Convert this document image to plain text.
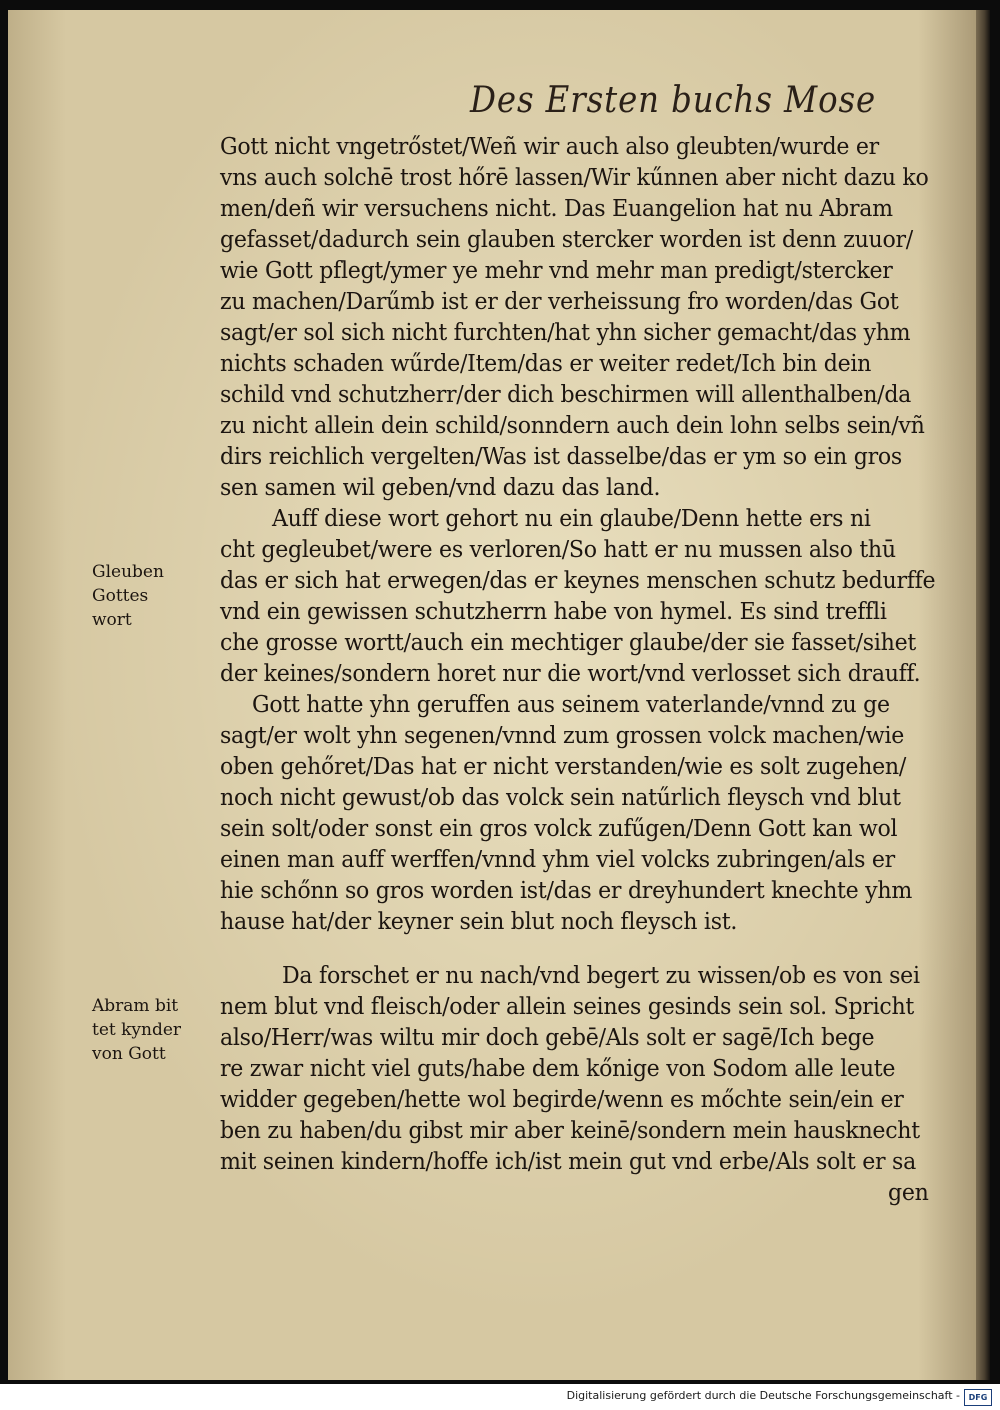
Des Ersten buchs Mose
Gott nicht vngetrőstet/Weñ wir auch also gleubten/wurde er
vns auch solchē trost hőrē lassen/Wir kűnnen aber nicht dazu ko
men/deñ wir versuchens nicht. Das Euangelion hat nu Abram
gefasset/dadurch sein glauben stercker worden ist denn zuuor/
wie Gott pflegt/ymer ye mehr vnd mehr man predigt/stercker
zu machen/Darűmb ist er der verheissung fro worden/das Got
sagt/er sol sich nicht furchten/hat yhn sicher gemacht/das yhm
nichts schaden wűrde/Item/das er weiter redet/Ich bin dein
schild vnd schutzherr/der dich beschirmen will allenthalben/da
zu nicht allein dein schild/sonndern auch dein lohn selbs sein/vñ
dirs reichlich vergelten/Was ist dasselbe/das er ym so ein gros
sen samen wil geben/vnd dazu das land.
Auff diese wort gehort nu ein glaube/Denn hette ers ni
cht gegleubet/were es verloren/So hatt er nu mussen also thū
das er sich hat erwegen/das er keynes menschen schutz bedurffe
vnd ein gewissen schutzherrn habe von hymel. Es sind treffli
che grosse wortt/auch ein mechtiger glaube/der sie fasset/sihet
der keines/sondern horet nur die wort/vnd verlosset sich drauff.
Gott hatte yhn geruffen aus seinem vaterlande/vnnd zu ge
sagt/er wolt yhn segenen/vnnd zum grossen volck machen/wie
oben gehőret/Das hat er nicht verstanden/wie es solt zugehen/
noch nicht gewust/ob das volck sein natűrlich fleysch vnd blut
sein solt/oder sonst ein gros volck zufűgen/Denn Gott kan wol
einen man auff werffen/vnnd yhm viel volcks zubringen/als er
hie schőnn so gros worden ist/das er dreyhundert knechte yhm
hause hat/der keyner sein blut noch fleysch ist.
Da forschet er nu nach/vnd begert zu wissen/ob es von sei
nem blut vnd fleisch/oder allein seines gesinds sein sol. Spricht
also/Herr/was wiltu mir doch gebē/Als solt er sagē/Ich bege
re zwar nicht viel guts/habe dem kőnige von Sodom alle leute
widder gegeben/hette wol begirde/wenn es mőchte sein/ein er
ben zu haben/du gibst mir aber keinē/sondern mein hausknecht
mit seinen kindern/hoffe ich/ist mein gut vnd erbe/Als solt er sa
gen
Gleuben
Gottes
wort
Abram bit
tet kynder
von Gott
Digitalisierung gefördert durch die Deutsche Forschungsgemeinschaft -	DFG
